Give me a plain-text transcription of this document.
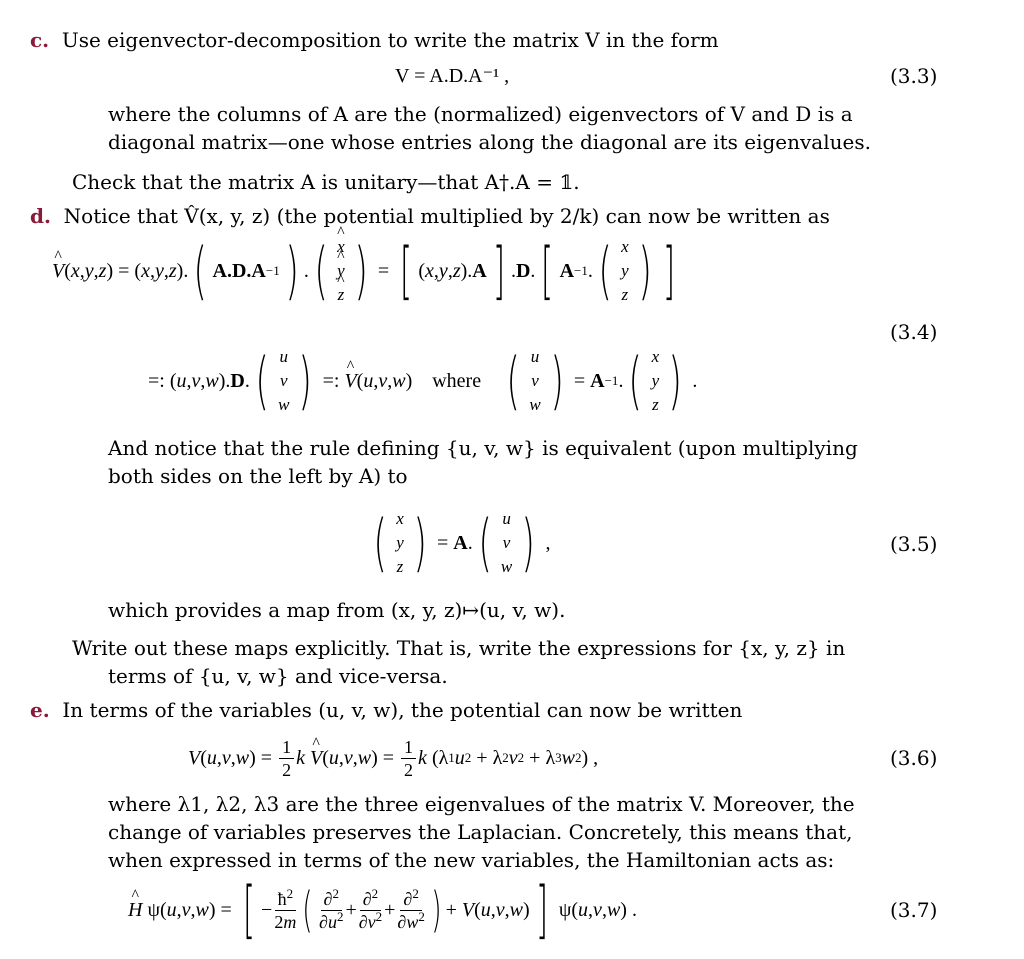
c. Use eigenvector-decomposition to write the matrix V in the form
V = A.D.A⁻¹ ,	(3.3)
where the columns of A are the (normalized) eigenvectors of V and D is a
diagonal matrix—one whose entries along the diagonal are its eigenvalues.
Check that the matrix A is unitary—that A†.A = 𝟙.
d. Notice that V̂(x, y, z) (the potential multiplied by 2/k) can now be written as
^ V ( x , y , z ) = ( x , y , z ). ( A.D.A −1 ) . ( ^ x
^ y
^ z ) = [ ( x , y , z ). A ] . D . [ A −1 . ( x
y
z ) ]
(3.4)
=: ( u , v , w ). D . ( u
v
w ) =: ^ V ( u , v , w )    where ( u
v
w ) = A −1 . ( x
y
z ) .
And notice that the rule defining {u, v, w} is equivalent (upon multiplying
both sides on the left by A) to
( x
y
z ) = A . ( u
v
w ) ,	(3.5)
which provides a map from (x, y, z)↦(u, v, w).
Write out these maps explicitly. That is, write the expressions for {x, y, z} in
terms of {u, v, w} and vice-versa.
e. In terms of the variables (u, v, w), the potential can now be written
V ( u , v , w ) = $\frac{1}{2}$ k
^ V ( u , v , w ) = $\frac{1}{2}$ k (λ 1 u 2 + λ 2 v 2 + λ 3 w 2 ) ,	(3.6)
where λ1, λ2, λ3 are the three eigenvalues of the matrix V. Moreover, the
change of variables preserves the Laplacian. Concretely, this means that,
when expressed in terms of the new variables, the Hamiltonian acts as:
^ H ψ( u , v , w ) = [ − $\frac{ħ^2}{2m}$ ( $\frac{\partial^2}{\partial u^2} + \frac{\partial^2}{\partial v^2} + \frac{\partial^2}{\partial w^2}$ ) + V ( u , v , w ) ] ψ( u , v , w ) .	(3.7)
